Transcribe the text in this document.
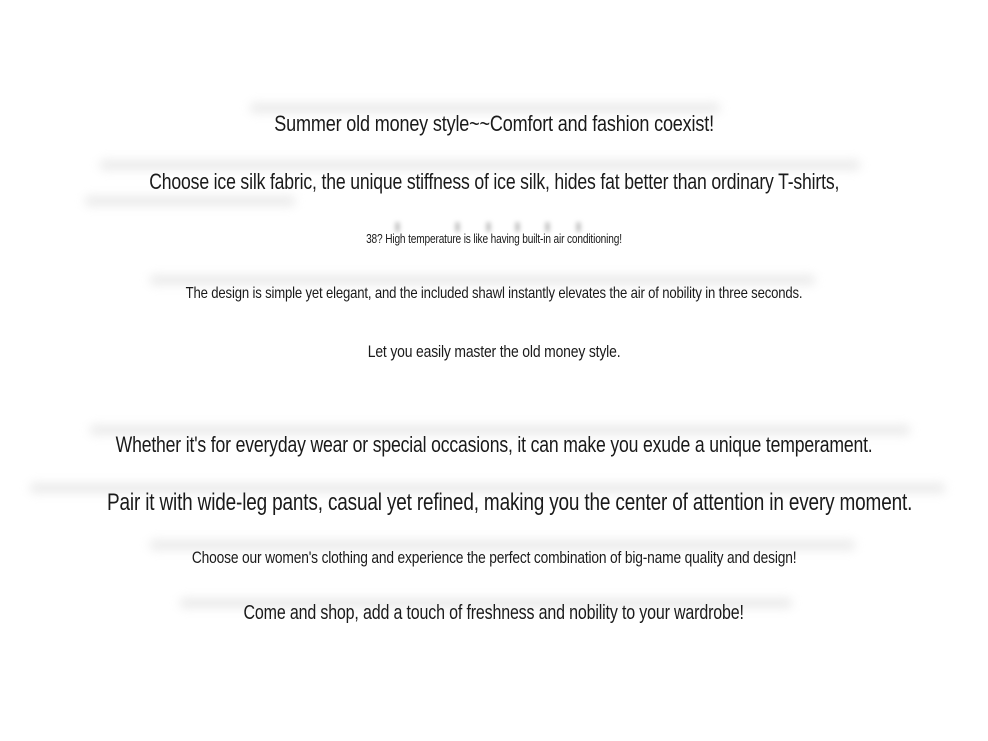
Summer old money style~~Comfort and fashion coexist!
Choose ice silk fabric, the unique stiffness of ice silk, hides fat better than ordinary T-shirts,
38? High temperature is like having built-in air conditioning!
The design is simple yet elegant, and the included shawl instantly elevates the air of nobility in three seconds.
Let you easily master the old money style.
Whether it's for everyday wear or special occasions, it can make you exude a unique temperament.
Pair it with wide-leg pants, casual yet refined, making you the center of attention in every moment.
Choose our women's clothing and experience the perfect combination of big-name quality and design!
Come and shop, add a touch of freshness and nobility to your wardrobe!
